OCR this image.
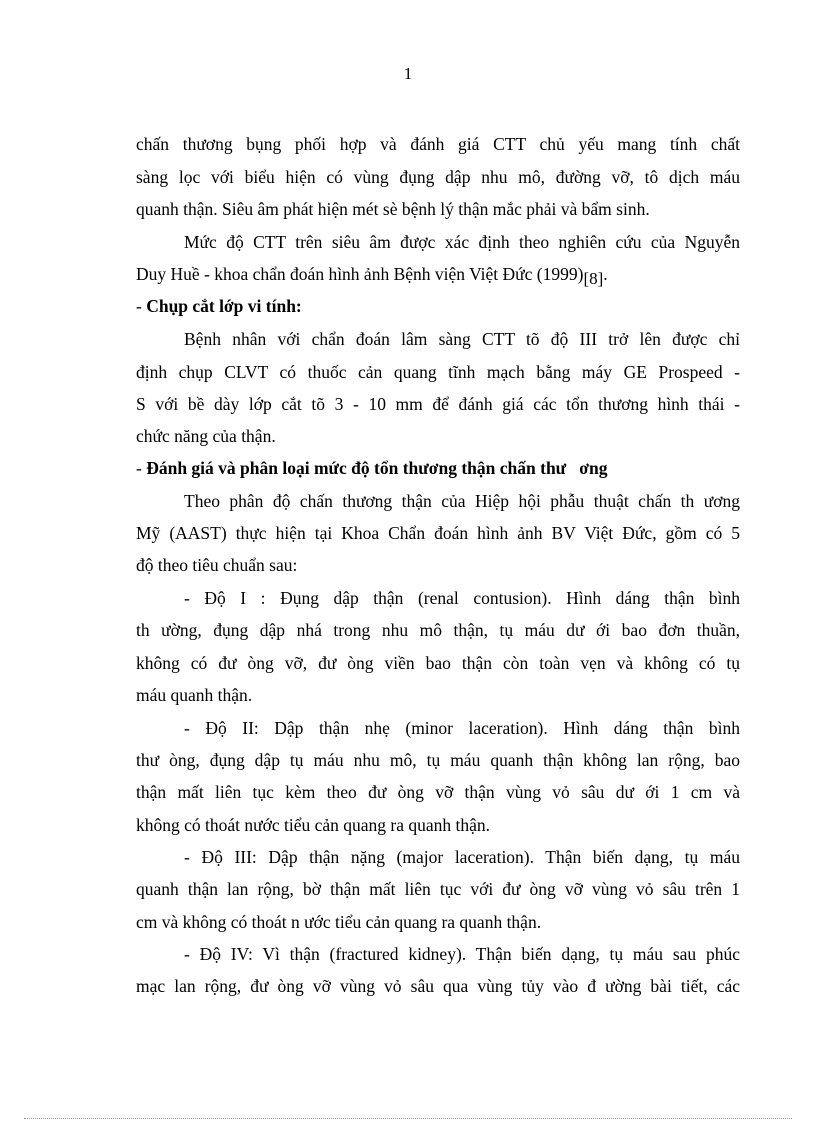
1
chấn thương bụng phối hợp và đánh giá CTT chủ yếu mang tính chất
sàng lọc với biểu hiện có vùng đụng dập nhu mô, đường vỡ, tô dịch máu
quanh thận. Siêu âm phát hiện mét sè bệnh lý thận mắc phải và bẩm sinh.
Mức độ CTT trên siêu âm được xác định theo nghiên cứu của Nguyễn
Duy Huề - khoa chẩn đoán hình ảnh Bệnh viện Việt Đức (1999)[8].
- Chụp cắt lớp vi tính:
Bệnh nhân với chẩn đoán lâm sàng CTT tõ độ III trở lên được chỉ
định chụp CLVT có thuốc cản quang tĩnh mạch bằng máy GE Prospeed -
S với bề dày lớp cắt tõ 3 - 10 mm để đánh giá các tổn thương hình thái -
chức năng của thận.
- Đánh giá và phân loại mức độ tổn thương thận chấn thư   ơng
Theo phân độ chấn thương thận của Hiệp hội phẫu thuật chấn th ương
Mỹ (AAST) thực hiện tại Khoa Chẩn đoán hình ảnh BV Việt Đức, gồm có 5
độ theo tiêu chuẩn sau:
- Độ I : Đụng dập thận (renal contusion). Hình dáng thận bình
th ường, đụng dập nhá trong nhu mô thận, tụ máu dư ới bao đơn thuần,
không có đư òng vỡ, đư òng viền bao thận còn toàn vẹn và không có tụ
máu quanh thận.
- Độ II: Dập thận nhẹ (minor laceration). Hình dáng thận bình
thư òng, đụng dập tụ máu nhu mô, tụ máu quanh thận không lan rộng, bao
thận mất liên tục kèm theo đư òng vỡ thận vùng vỏ sâu dư ới 1 cm và
không có thoát nước tiểu cản quang ra quanh thận.
- Độ III: Dập thận nặng (major laceration). Thận biến dạng, tụ máu
quanh thận lan rộng, bờ thận mất liên tục với đư òng vỡ vùng vỏ sâu trên 1
cm và không có thoát n ước tiểu cản quang ra quanh thận.
- Độ IV: Vì thận (fractured kidney). Thận biến dạng, tụ máu sau phúc
mạc lan rộng, đư òng vỡ vùng vỏ sâu qua vùng tủy vào đ ường bài tiết, các
